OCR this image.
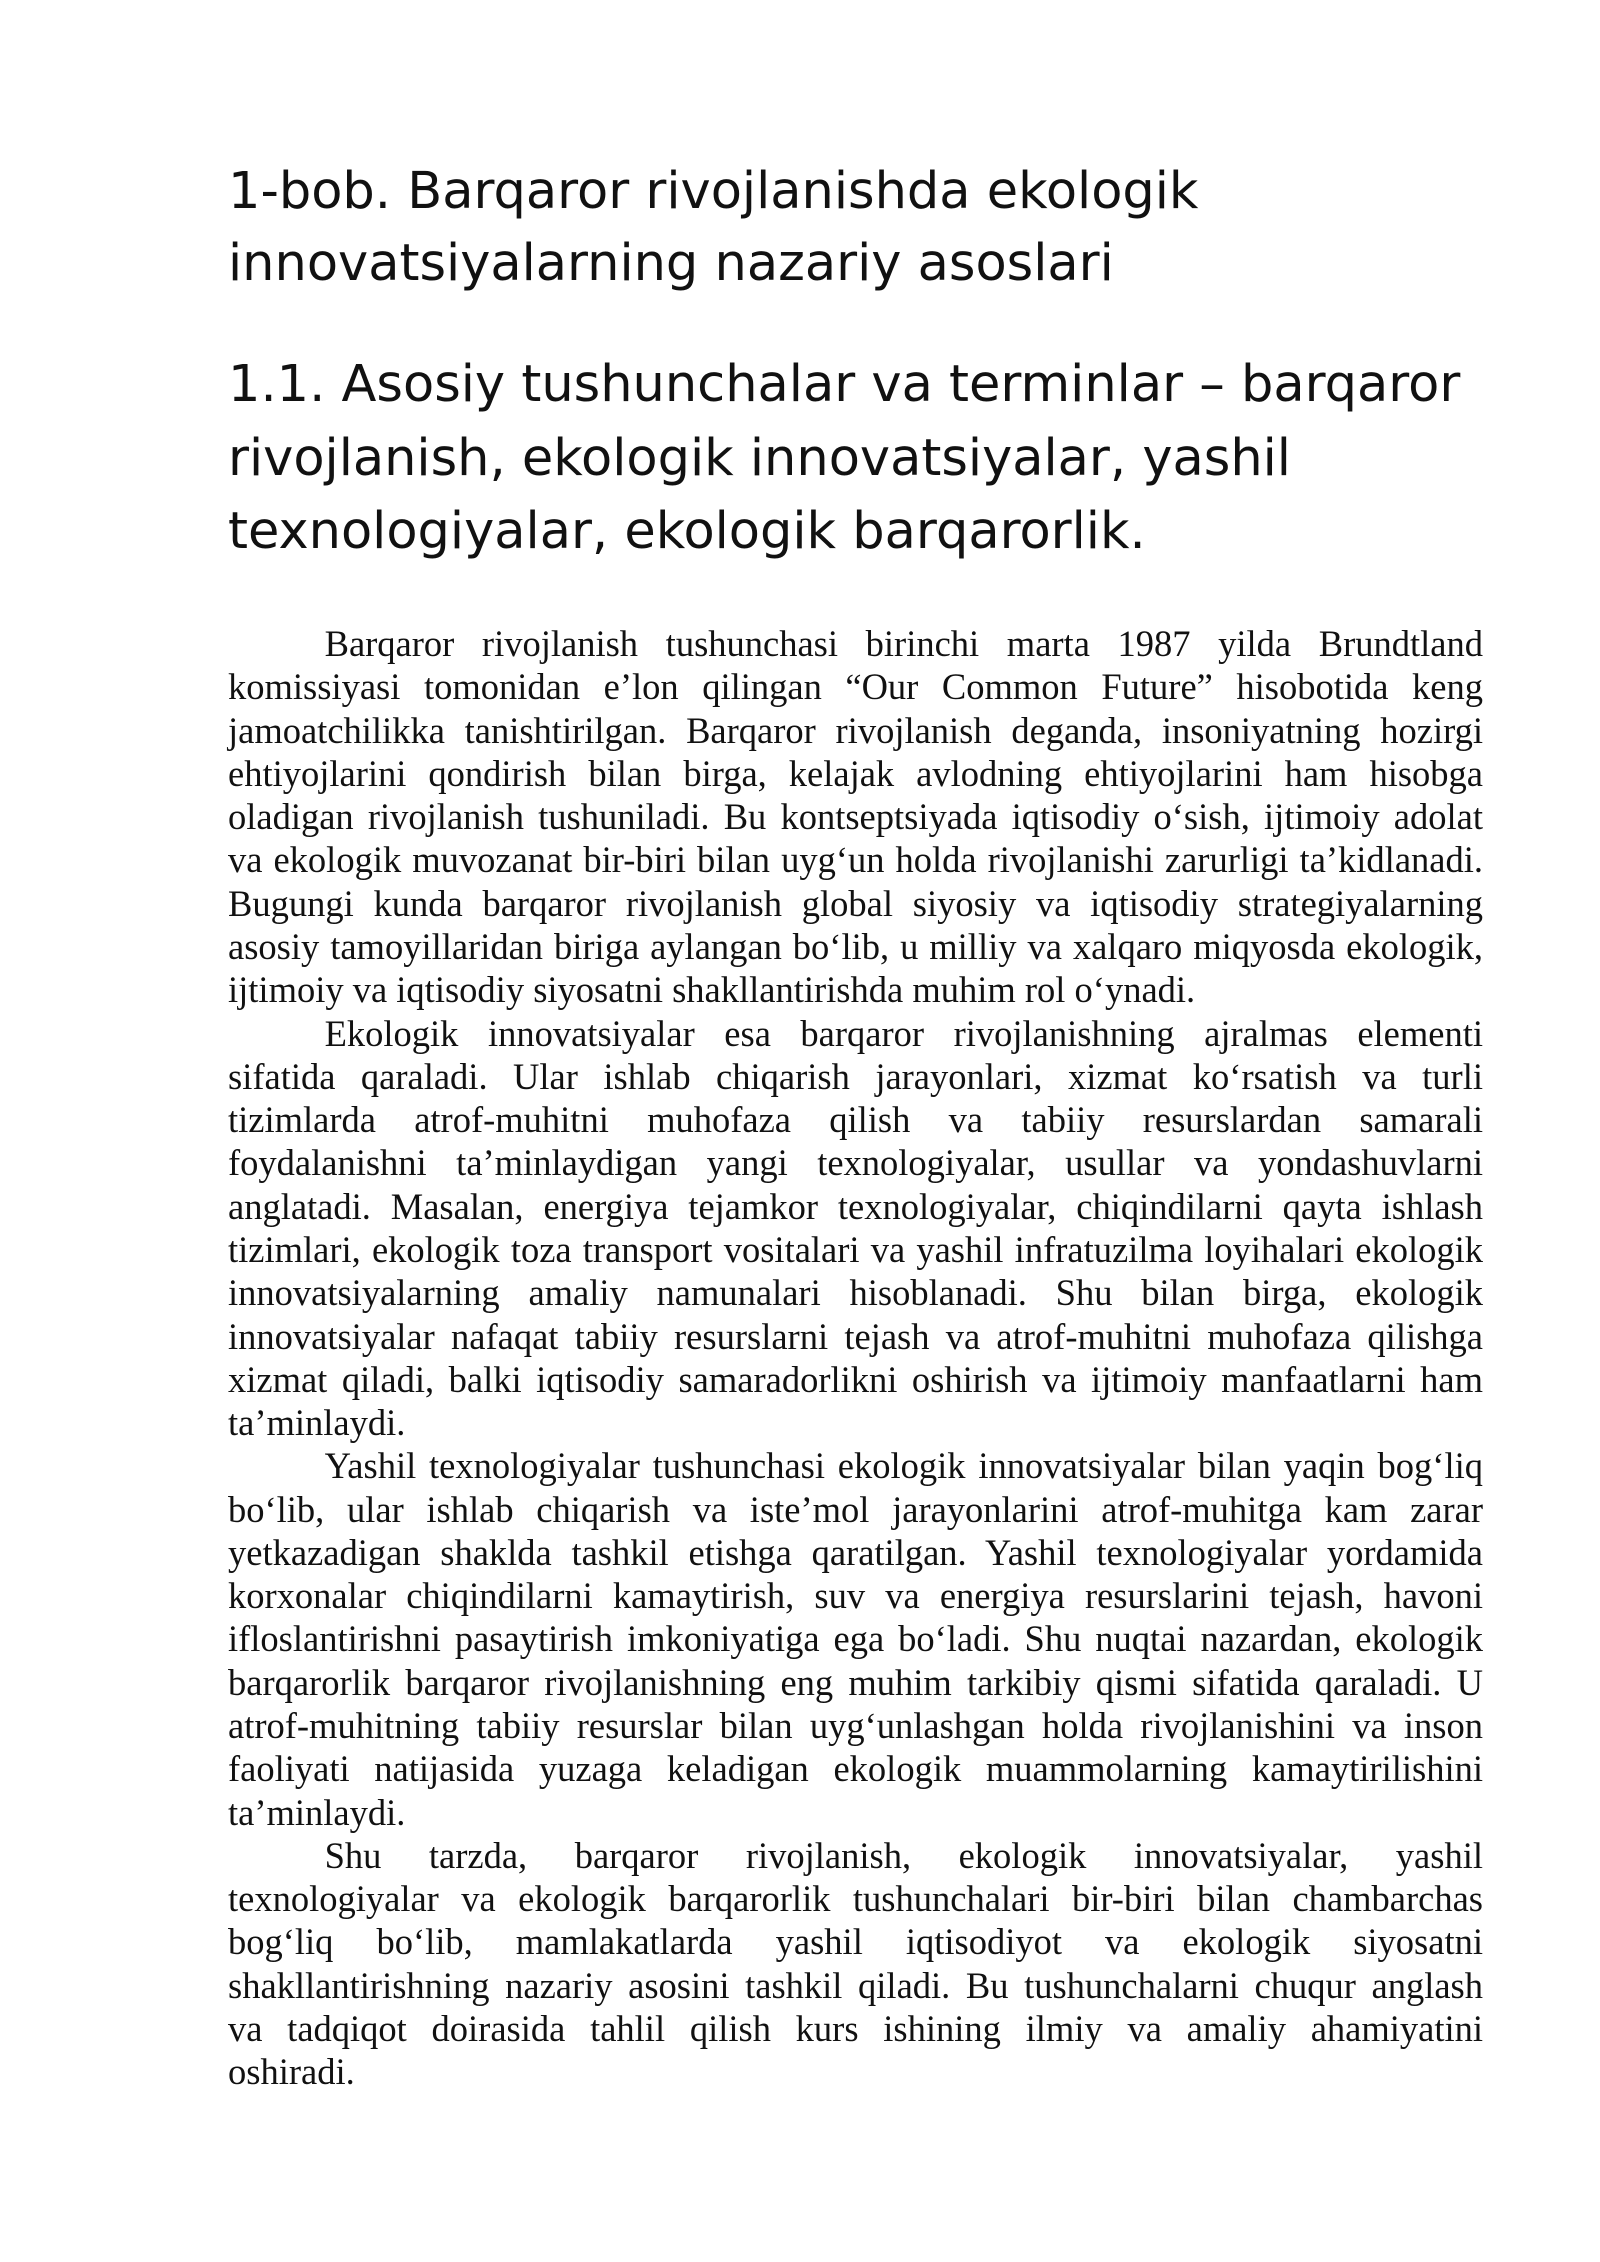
1-bob. Barqaror rivojlanishda ekologik
innovatsiyalarning nazariy asoslari
1.1. Asosiy tushunchalar va terminlar – barqaror
rivojlanish, ekologik innovatsiyalar, yashil
texnologiyalar, ekologik barqarorlik.
Barqaror rivojlanish tushunchasi birinchi marta 1987 yilda Brundtland
komissiyasi tomonidan e’lon qilingan “Our Common Future” hisobotida keng
jamoatchilikka tanishtirilgan. Barqaror rivojlanish deganda, insoniyatning hozirgi
ehtiyojlarini qondirish bilan birga, kelajak avlodning ehtiyojlarini ham hisobga
oladigan rivojlanish tushuniladi. Bu kontseptsiyada iqtisodiy o‘sish, ijtimoiy adolat
va ekologik muvozanat bir-biri bilan uyg‘un holda rivojlanishi zarurligi ta’kidlanadi.
Bugungi kunda barqaror rivojlanish global siyosiy va iqtisodiy strategiyalarning
asosiy tamoyillaridan biriga aylangan bo‘lib, u milliy va xalqaro miqyosda ekologik,
ijtimoiy va iqtisodiy siyosatni shakllantirishda muhim rol o‘ynadi.
Ekologik innovatsiyalar esa barqaror rivojlanishning ajralmas elementi
sifatida qaraladi. Ular ishlab chiqarish jarayonlari, xizmat ko‘rsatish va turli
tizimlarda atrof-muhitni muhofaza qilish va tabiiy resurslardan samarali
foydalanishni ta’minlaydigan yangi texnologiyalar, usullar va yondashuvlarni
anglatadi. Masalan, energiya tejamkor texnologiyalar, chiqindilarni qayta ishlash
tizimlari, ekologik toza transport vositalari va yashil infratuzilma loyihalari ekologik
innovatsiyalarning amaliy namunalari hisoblanadi. Shu bilan birga, ekologik
innovatsiyalar nafaqat tabiiy resurslarni tejash va atrof-muhitni muhofaza qilishga
xizmat qiladi, balki iqtisodiy samaradorlikni oshirish va ijtimoiy manfaatlarni ham
ta’minlaydi.
Yashil texnologiyalar tushunchasi ekologik innovatsiyalar bilan yaqin bog‘liq
bo‘lib, ular ishlab chiqarish va iste’mol jarayonlarini atrof-muhitga kam zarar
yetkazadigan shaklda tashkil etishga qaratilgan. Yashil texnologiyalar yordamida
korxonalar chiqindilarni kamaytirish, suv va energiya resurslarini tejash, havoni
ifloslantirishni pasaytirish imkoniyatiga ega bo‘ladi. Shu nuqtai nazardan, ekologik
barqarorlik barqaror rivojlanishning eng muhim tarkibiy qismi sifatida qaraladi. U
atrof-muhitning tabiiy resurslar bilan uyg‘unlashgan holda rivojlanishini va inson
faoliyati natijasida yuzaga keladigan ekologik muammolarning kamaytirilishini
ta’minlaydi.
Shu tarzda, barqaror rivojlanish, ekologik innovatsiyalar, yashil
texnologiyalar va ekologik barqarorlik tushunchalari bir-biri bilan chambarchas
bog‘liq bo‘lib, mamlakatlarda yashil iqtisodiyot va ekologik siyosatni
shakllantirishning nazariy asosini tashkil qiladi. Bu tushunchalarni chuqur anglash
va tadqiqot doirasida tahlil qilish kurs ishining ilmiy va amaliy ahamiyatini
oshiradi.
